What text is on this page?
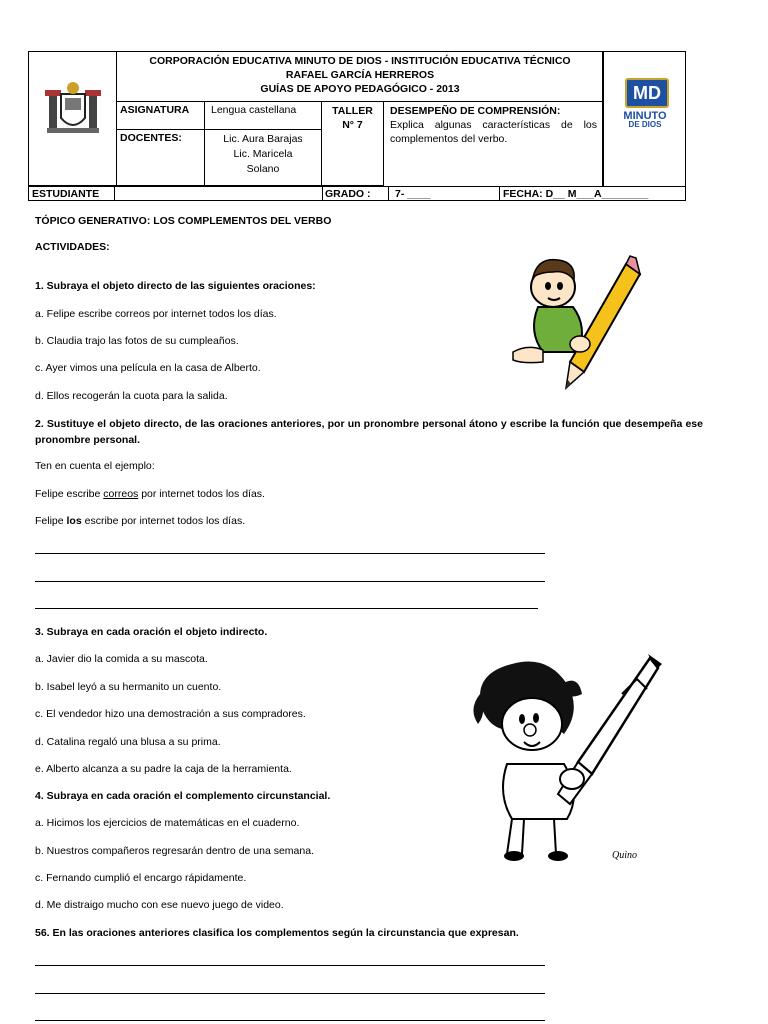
CORPORACIÓN EDUCATIVA MINUTO DE DIOS - INSTITUCIÓN EDUCATIVA TÉCNICO
RAFAEL GARCÍA HERREROS
GUÍAS DE APOYO PEDAGÓGICO - 2013
ASIGNATURA	Lengua castellana	TALLER
N° 7
DESEMPEÑO DE COMPRENSIÓN:
Explica algunas características de los complementos del verbo.
DOCENTES:	Lic. Aura Barajas
Lic. Maricela
Solano
MD
MINUTO
DE DIOS
ESTUDIANTE	GRADO :	7- ____	FECHA: D__ M___A________
TÓPICO GENERATIVO: LOS COMPLEMENTOS DEL VERBO
ACTIVIDADES:
1. Subraya el objeto directo de las siguientes oraciones:
a. Felipe escribe correos por internet todos los días.
b. Claudia trajo las fotos de su cumpleaños.
c. Ayer vimos una película en la casa de Alberto.
d. Ellos recogerán la cuota para la salida.
2. Sustituye el objeto directo, de las oraciones anteriores, por un pronombre personal átono y escribe la función que desempeña ese pronombre personal.
Ten en cuenta el ejemplo:
Felipe escribe correos por internet todos los días.
Felipe los escribe por internet todos los días.
3. Subraya en cada oración el objeto indirecto.
a. Javier dio la comida a su mascota.
b. Isabel leyó a su hermanito un cuento.
c. El vendedor hizo una demostración a sus compradores.
d. Catalina regaló una blusa a su prima.
e. Alberto alcanza a su padre la caja de la herramienta.
Quino
4. Subraya en cada oración el complemento circunstancial.
a. Hicimos los ejercicios de matemáticas en el cuaderno.
b. Nuestros compañeros regresarán dentro de una semana.
c. Fernando cumplió el encargo rápidamente.
d. Me distraigo mucho con ese nuevo juego de video.
56. En las oraciones anteriores clasifica los complementos según la circunstancia que expresan.
